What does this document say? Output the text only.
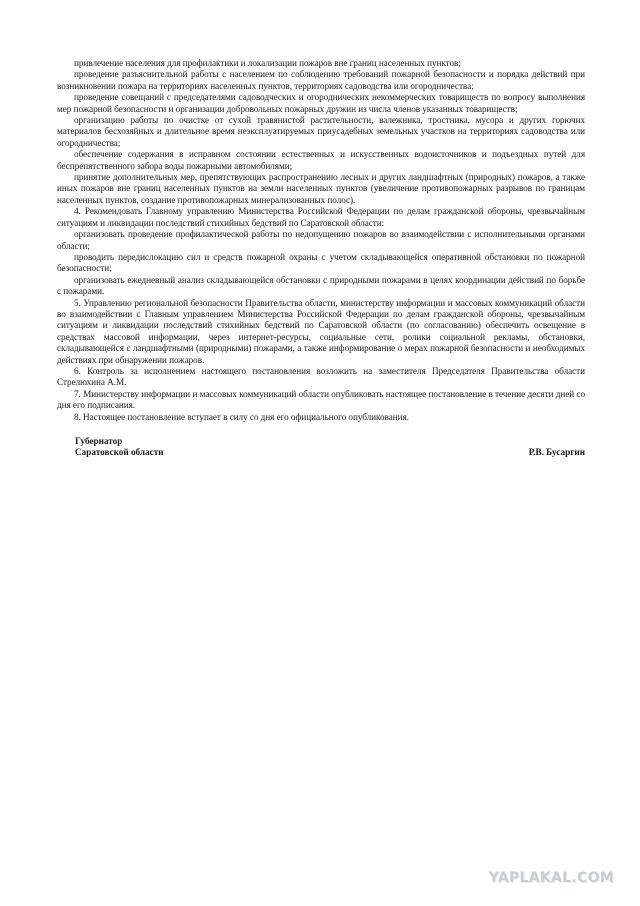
привлечение населения для профилактики и локализации пожаров вне границ населенных пунктов;

проведение разъяснительной работы с населением по соблюдению требований пожарной безопасности и порядка действий при возникновении пожара на территориях населенных пунктов, территориях садоводства или огородничества;

проведение совещаний с председателями садоводческих и огороднических некоммерческих товариществ по вопросу выполнения мер пожарной безопасности и организации добровольных пожарных дружин из числа членов указанных товариществ;

организацию работы по очистке от сухой травянистой растительности, валежника, тростника, мусора и других горючих материалов бесхозяйных и длительное время неэксплуатируемых приусадебных земельных участков на территориях садоводства или огородничества;

обеспечение содержания в исправном состоянии естественных и искусственных водоисточников и подъездных путей для беспрепятственного забора воды пожарными автомобилями;

принятие дополнительных мер, препятствующих распространению лесных и других ландшафтных (природных) пожаров, а также иных пожаров вне границ населенных пунктов на земли населенных пунктов (увеличение противопожарных разрывов по границам населенных пунктов, создание противопожарных минерализованных полос).

4. Рекомендовать Главному управлению Министерства Российской Федерации по делам гражданской обороны, чрезвычайным ситуациям и ликвидации последствий стихийных бедствий по Саратовской области:

организовать проведение профилактической работы по недопущению пожаров во взаимодействии с исполнительными органами области;

проводить передислокацию сил и средств пожарной охраны с учетом складывающейся оперативной обстановки по пожарной безопасности;

организовать ежедневный анализ складывающейся обстановки с природными пожарами в целях координации действий по борьбе с пожарами.

5. Управлению региональной безопасности Правительства области, министерству информации и массовых коммуникаций области во взаимодействии с Главным управлением Министерства Российской Федерации по делам гражданской обороны, чрезвычайным ситуациям и ликвидации последствий стихийных бедствий по Саратовской области (по согласованию) обеспечить освещение в средствах массовой информации, через интернет-ресурсы, социальные сети, ролики социальной рекламы, обстановки, складывающейся с ландшафтными (природными) пожарами, а также информирование о мерах пожарной безопасности и необходимых действиях при обнаружении пожаров.

6. Контроль за исполнением настоящего постановления возложить на заместителя Председателя Правительства области Стрелюхина А.М.

7. Министерству информации и массовых коммуникаций области опубликовать настоящее постановление в течение десяти дней со дня его подписания.

8. Настоящее постановление вступает в силу со дня его официального опубликования.

Губернатор
Саратовской области	Р.В. Бусаргин
YAPLAKAL.COM
